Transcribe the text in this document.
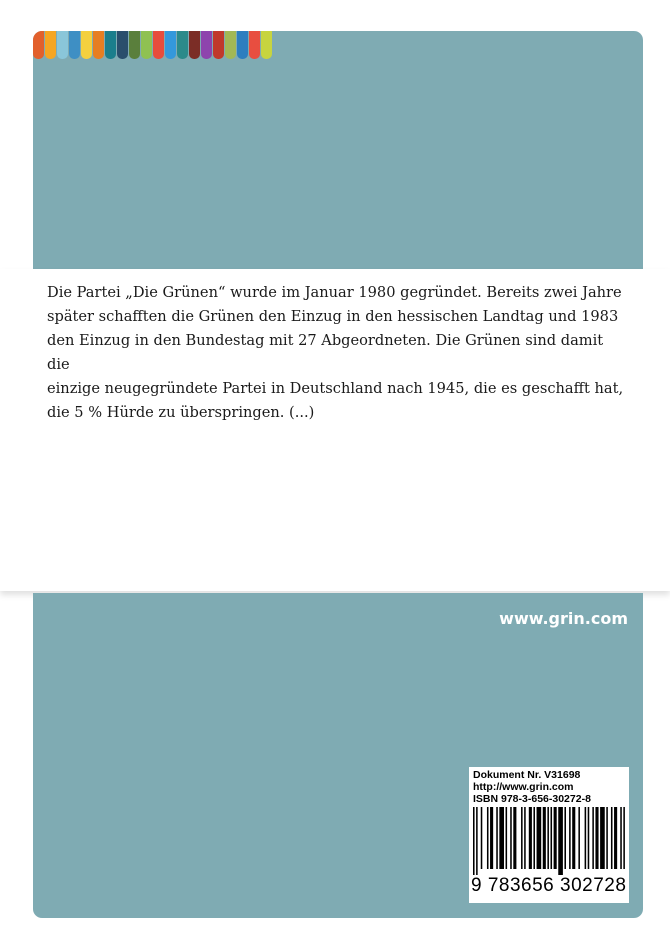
Die Partei „Die Grünen“ wurde im Januar 1980 gegründet. Bereits zwei Jahre

später schafften die Grünen den Einzug in den hessischen Landtag und 1983

den Einzug in den Bundestag mit 27 Abgeordneten. Die Grünen sind damit die

einzige neugegründete Partei in Deutschland nach 1945, die es geschafft hat,

die 5 % Hürde zu überspringen. (...)

www.grin.com
Dokument Nr. V31698
http://www.grin.com
ISBN 978-3-656-30272-8
9 783656 302728
